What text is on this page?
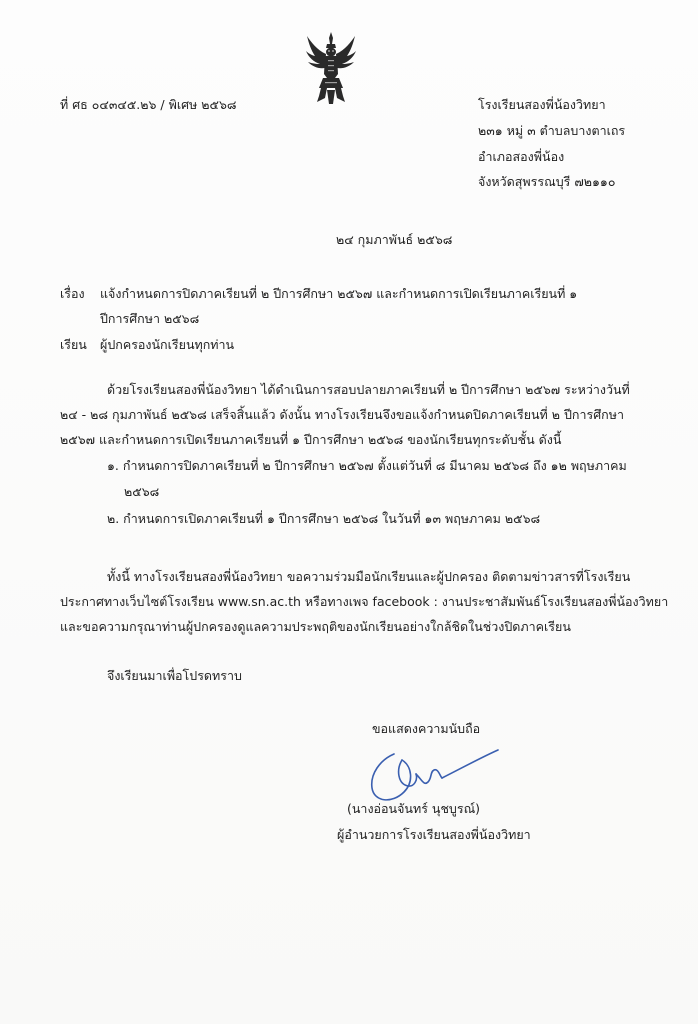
ที่ ศธ ๐๔๓๔๕.๒๖ / พิเศษ ๒๕๖๘	โรงเรียนสองพี่น้องวิทยา
๒๓๑ หมู่ ๓ ตำบลบางตาเถร
อำเภอสองพี่น้อง
จังหวัดสุพรรณบุรี ๗๒๑๑๐
๒๔ กุมภาพันธ์ ๒๕๖๘
เรื่อง แจ้งกำหนดการปิดภาคเรียนที่ ๒ ปีการศึกษา ๒๕๖๗ และกำหนดการเปิดเรียนภาคเรียนที่ ๑
ปีการศึกษา ๒๕๖๘
เรียน ผู้ปกครองนักเรียนทุกท่าน
ด้วยโรงเรียนสองพี่น้องวิทยา ได้ดำเนินการสอบปลายภาคเรียนที่ ๒ ปีการศึกษา ๒๕๖๗ ระหว่างวันที่
๒๔ - ๒๘ กุมภาพันธ์ ๒๕๖๘ เสร็จสิ้นแล้ว ดังนั้น ทางโรงเรียนจึงขอแจ้งกำหนดปิดภาคเรียนที่ ๒ ปีการศึกษา
๒๕๖๗ และกำหนดการเปิดเรียนภาคเรียนที่ ๑ ปีการศึกษา ๒๕๖๘ ของนักเรียนทุกระดับชั้น ดังนี้
๑. กำหนดการปิดภาคเรียนที่ ๒ ปีการศึกษา ๒๕๖๗ ตั้งแต่วันที่ ๘ มีนาคม ๒๕๖๘ ถึง ๑๒ พฤษภาคม
๒๕๖๘
๒. กำหนดการเปิดภาคเรียนที่ ๑ ปีการศึกษา ๒๕๖๘ ในวันที่ ๑๓ พฤษภาคม ๒๕๖๘
ทั้งนี้ ทางโรงเรียนสองพี่น้องวิทยา ขอความร่วมมือนักเรียนและผู้ปกครอง ติดตามข่าวสารที่โรงเรียน
ประกาศทางเว็บไซต์โรงเรียน www.sn.ac.th หรือทางเพจ facebook : งานประชาสัมพันธ์โรงเรียนสองพี่น้องวิทยา
และขอความกรุณาท่านผู้ปกครองดูแลความประพฤติของนักเรียนอย่างใกล้ชิดในช่วงปิดภาคเรียน
จึงเรียนมาเพื่อโปรดทราบ
ขอแสดงความนับถือ
(นางอ่อนจันทร์ นุชบูรณ์)
ผู้อำนวยการโรงเรียนสองพี่น้องวิทยา
